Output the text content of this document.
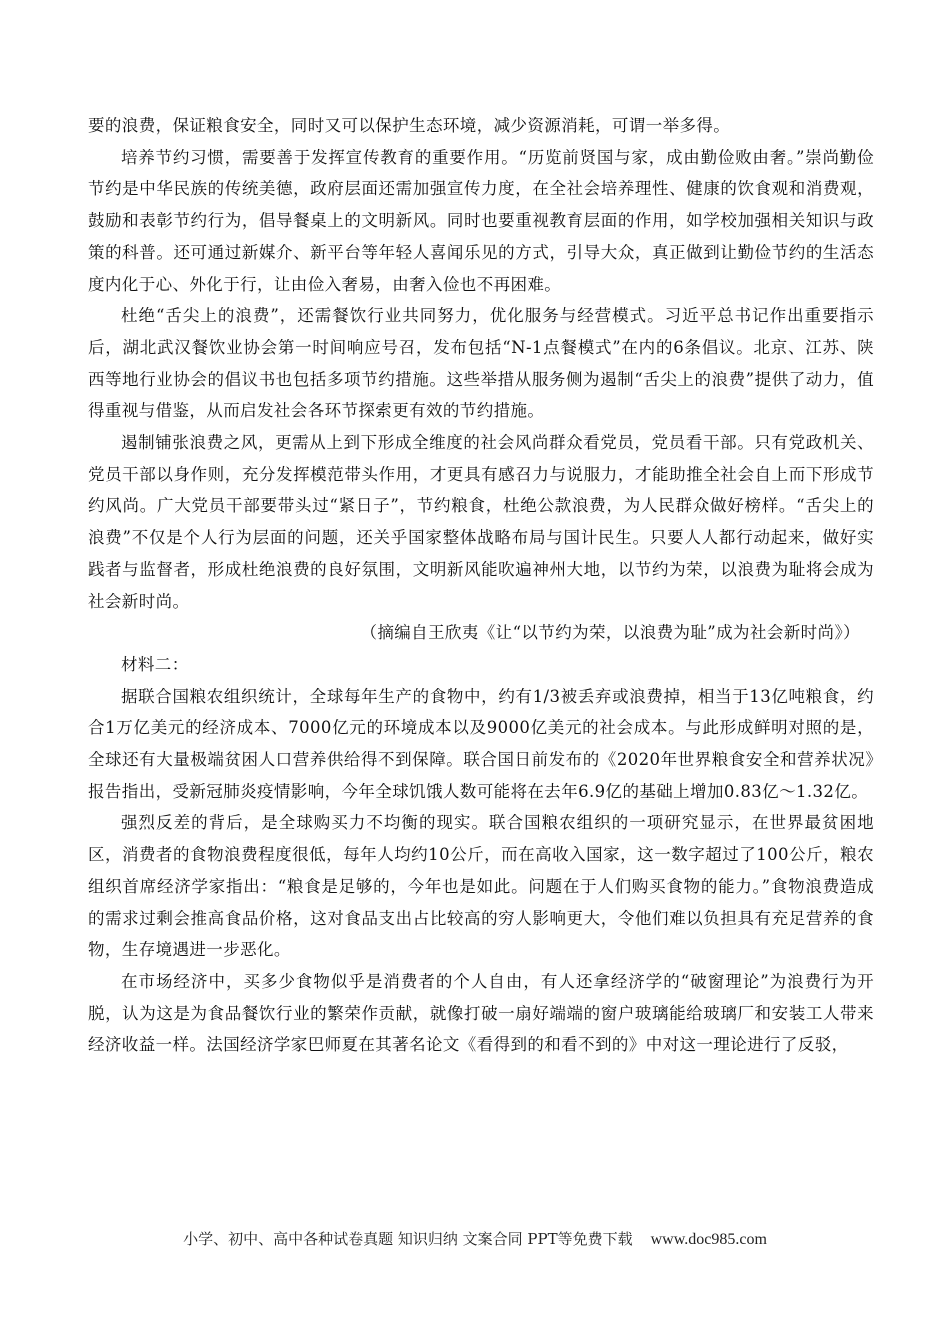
要的浪费，保证粮食安全，同时又可以保护生态环境，减少资源消耗，可谓一举多得。

培养节约习惯，需要善于发挥宣传教育的重要作用。“历览前贤国与家，成由勤俭败由奢。”崇尚勤俭节约是中华民族的传统美德，政府层面还需加强宣传力度，在全社会培养理性、健康的饮食观和消费观，鼓励和表彰节约行为，倡导餐桌上的文明新风。同时也要重视教育层面的作用，如学校加强相关知识与政策的科普。还可通过新媒介、新平台等年轻人喜闻乐见的方式，引导大众，真正做到让勤俭节约的生活态度内化于心、外化于行，让由俭入奢易，由奢入俭也不再困难。

杜绝“舌尖上的浪费”，还需餐饮行业共同努力，优化服务与经营模式。习近平总书记作出重要指示后，湖北武汉餐饮业协会第一时间响应号召，发布包括“N-1点餐模式”在内的6条倡议。北京、江苏、陕西等地行业协会的倡议书也包括多项节约措施。这些举措从服务侧为遏制“舌尖上的浪费”提供了动力，值得重视与借鉴，从而启发社会各环节探索更有效的节约措施。

遏制铺张浪费之风，更需从上到下形成全维度的社会风尚群众看党员，党员看干部。只有党政机关、党员干部以身作则，充分发挥模范带头作用，才更具有感召力与说服力，才能助推全社会自上而下形成节约风尚。广大党员干部要带头过“紧日子”，节约粮食，杜绝公款浪费，为人民群众做好榜样。“舌尖上的浪费”不仅是个人行为层面的问题，还关乎国家整体战略布局与国计民生。只要人人都行动起来，做好实践者与监督者，形成杜绝浪费的良好氛围，文明新风能吹遍神州大地，以节约为荣，以浪费为耻将会成为社会新时尚。

（摘编自王欣夷《让“以节约为荣，以浪费为耻”成为社会新时尚》）

材料二：

据联合国粮农组织统计，全球每年生产的食物中，约有1/3被丢弃或浪费掉，相当于13亿吨粮食，约合1万亿美元的经济成本、7000亿元的环境成本以及9000亿美元的社会成本。与此形成鲜明对照的是，全球还有大量极端贫困人口营养供给得不到保障。联合国日前发布的《2020年世界粮食安全和营养状况》报告指出，受新冠肺炎疫情影响，今年全球饥饿人数可能将在去年6.9亿的基础上增加0.83亿～1.32亿。

强烈反差的背后，是全球购买力不均衡的现实。联合国粮农组织的一项研究显示，在世界最贫困地区，消费者的食物浪费程度很低，每年人均约10公斤，而在高收入国家，这一数字超过了100公斤，粮农组织首席经济学家指出：“粮食是足够的，今年也是如此。问题在于人们购买食物的能力。”食物浪费造成的需求过剩会推高食品价格，这对食品支出占比较高的穷人影响更大，令他们难以负担具有充足营养的食物，生存境遇进一步恶化。

在市场经济中，买多少食物似乎是消费者的个人自由，有人还拿经济学的“破窗理论”为浪费行为开脱，认为这是为食品餐饮行业的繁荣作贡献，就像打破一扇好端端的窗户玻璃能给玻璃厂和安装工人带来经济收益一样。法国经济学家巴师夏在其著名论文《看得到的和看不到的》中对这一理论进行了反驳，

小学、初中、高中各种试卷真题 知识归纳 文案合同 PPT等免费下载 www.doc985.com
